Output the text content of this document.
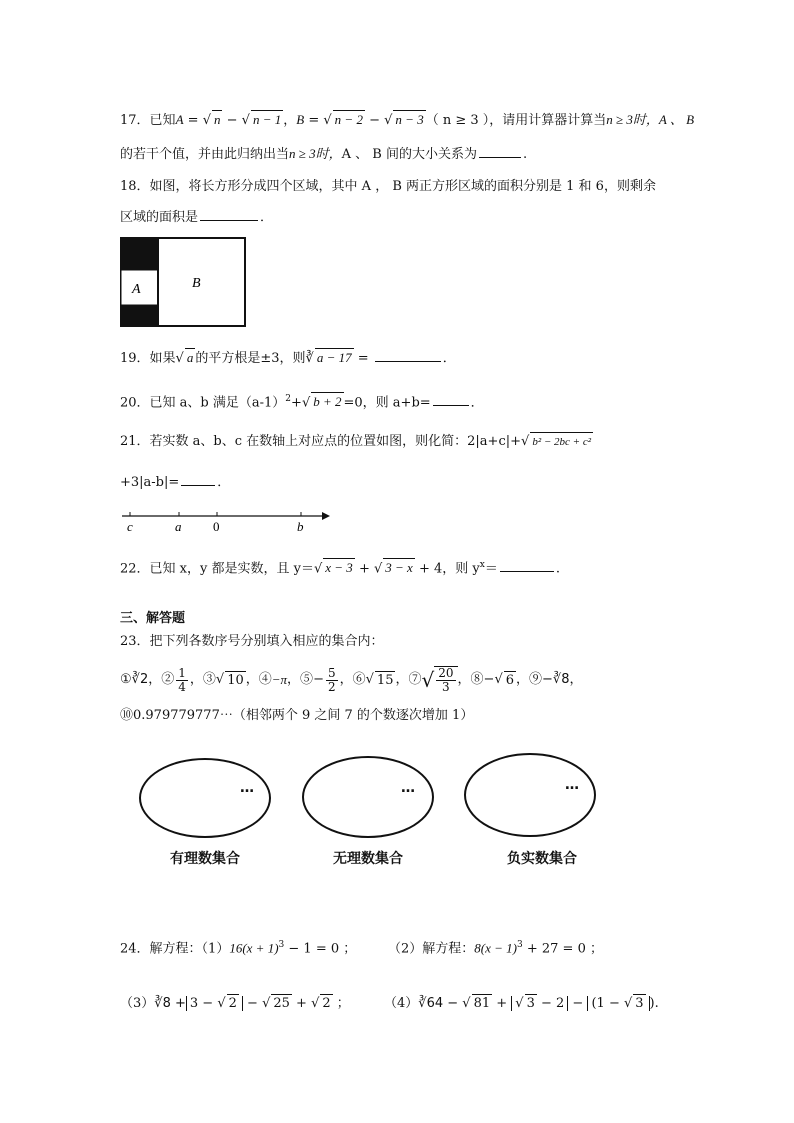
17．已知A = √ n − √ n − 1 ，B = √ n − 2 − √ n − 3 （ n ≥ 3 ），请用计算器计算当n ≥ 3时，A 、 B
的若干个值，并由此归纳出当n ≥ 3时，A 、 B 间的大小关系为	.
18．如图，将长方形分成四个区域，其中 A ， B 两正方形区域的面积分别是 1 和 6，则剩余
区域的面积是	．
A	B
19．如果√ a 的平方根是±3，则∛ a − 17 =	．
20．已知 a、b 满足$(a-1)^2+√$ b + 2 =0，则 a+b=	．
21．若实数 a、b、c 在数轴上对应点的位置如图，则化简：2|a+c|+√ b² − 2bc + c²
+3|a-b|=	．
c	a 0	b
22．已知 x，y 都是实数，且 y＝√ x − 3 + √ 3 − x + 4，则 $y^x=$	.
三、解答题
23．把下列各数序号分别填入相应的集合内：
① ∛2 ，② $\frac{1}{4}$ ，③ √ 10 ，④ −π ，⑤ − $\frac{5}{2}$ ，⑥ √ 15 ，⑦ √ $\frac{20}{3}$ ，⑧ − √ 6 ，⑨ −∛8 ，
⑩0.979779777⋯（相邻两个 9 之间 7 的个数逐次增加 1）
…
有理数集合
…
无理数集合
…
负实数集合
24．解方程：$(1)16(x + 1)^3 - 1 = 0$ ； （2）解方程：$8(x - 1)^3 + 27 = 0$ ；
（3）∛8 + 3 − √ 2 − √ 25 + √ 2 ；	（4）∛64 − √ 81 + √ 3 − 2 − (1 − √ 3 ).
